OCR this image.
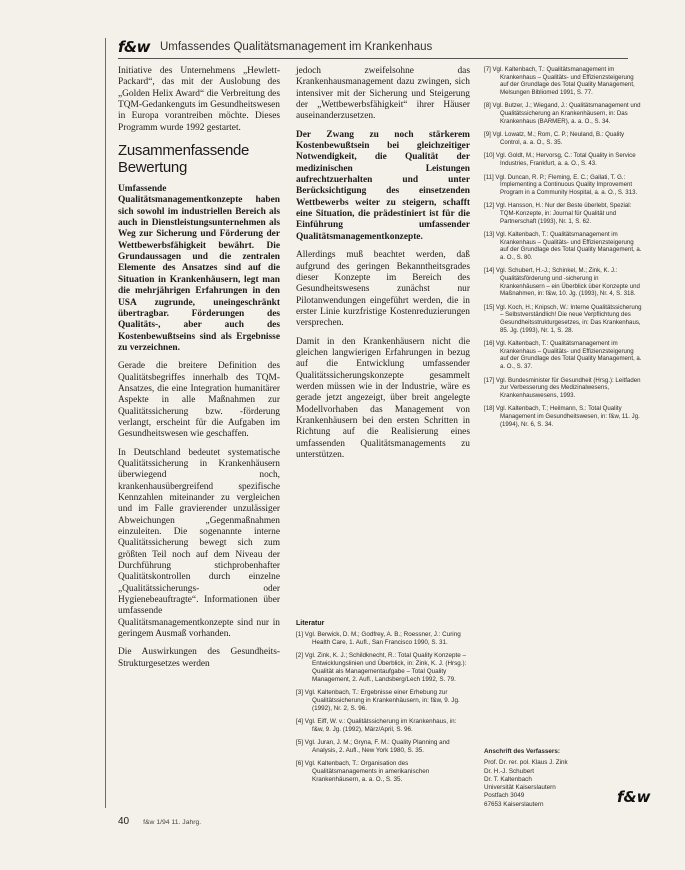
f&w Umfassendes Qualitätsmanagement im Krankenhaus

Initiative des Unternehmens „Hewlett-Packard“, das mit der Auslobung des „Golden Helix Award“ die Verbreitung des TQM-Gedankenguts im Gesundheitswesen in Europa vorantreiben möchte. Dieses Programm wurde 1992 gestartet.

Zusammenfassende Bewertung

Umfassende Qualitätsmanagementkonzepte haben sich sowohl im industriellen Bereich als auch in Dienstleistungsunternehmen als Weg zur Sicherung und Förderung der Wettbewerbsfähigkeit bewährt. Die Grundaussagen und die zentralen Elemente des Ansatzes sind auf die Situation in Krankenhäusern, legt man die mehrjährigen Erfahrungen in den USA zugrunde, uneingeschränkt übertragbar. Förderungen des Qualitäts-, aber auch des Kostenbewußtseins sind als Ergebnisse zu verzeichnen.

Gerade die breitere Definition des Qualitätsbegriffes innerhalb des TQM-Ansatzes, die eine Integration humanitärer Aspekte in alle Maßnahmen zur Qualitätssicherung bzw. -förderung verlangt, erscheint für die Aufgaben im Gesundheitswesen wie geschaffen.

In Deutschland bedeutet systematische Qualitätssicherung in Krankenhäusern überwiegend noch, krankenhausübergreifend spezifische Kennzahlen miteinander zu vergleichen und im Falle gravierender unzulässiger Abweichungen „Gegenmaßnahmen einzuleiten. Die sogenannte interne Qualitätssicherung bewegt sich zum größten Teil noch auf dem Niveau der Durchführung stichprobenhafter Qualitätskontrollen durch einzelne „Qualitätssicherungs- oder Hygienebeauftragte“. Informationen über umfassende Qualitätsmanagementkonzepte sind nur in geringem Ausmaß vorhanden.

Die Auswirkungen des Gesundheits-Strukturgesetzes werden

jedoch zweifelsohne das Krankenhausmanagement dazu zwingen, sich intensiver mit der Sicherung und Steigerung der „Wettbewerbsfähigkeit“ ihrer Häuser auseinanderzusetzen.

Der Zwang zu noch stärkerem Kostenbewußtsein bei gleichzeitiger Notwendigkeit, die Qualität der medizinischen Leistungen aufrechtzuerhalten und unter Berücksichtigung des einsetzenden Wettbewerbs weiter zu steigern, schafft eine Situation, die prädestiniert ist für die Einführung umfassender Qualitätsmanagementkonzepte.

Allerdings muß beachtet werden, daß aufgrund des geringen Bekanntheitsgrades dieser Konzepte im Bereich des Gesundheitswesens zunächst nur Pilotanwendungen eingeführt werden, die in erster Linie kurzfristige Kostenreduzierungen versprechen.

Damit in den Krankenhäusern nicht die gleichen langwierigen Erfahrungen in bezug auf die Entwicklung umfassender Qualitätssicherungskonzepte gesammelt werden müssen wie in der Industrie, wäre es gerade jetzt angezeigt, über breit angelegte Modellvorhaben das Management von Krankenhäusern bei den ersten Schritten in Richtung auf die Realisierung eines umfassenden Qualitätsmanagements zu unterstützen.

Literatur
[1] Vgl. Berwick, D. M.; Godfrey, A. B.; Roessner, J.: Curing Health Care, 1. Aufl., San Francisco 1990, S. 31.
[2] Vgl. Zink, K. J.; Schildknecht, R.: Total Quality Konzepte – Entwicklungslinien und Überblick, in: Zink, K. J. (Hrsg.): Qualität als Managementaufgabe – Total Quality Management, 2. Aufl., Landsberg/Lech 1992, S. 79.
[3] Vgl. Kaltenbach, T.: Ergebnisse einer Erhebung zur Qualitätssicherung in Krankenhäusern, in: f&w, 9. Jg. (1992), Nr. 2, S. 96.
[4] Vgl. Eiff, W. v.: Qualitätssicherung im Krankenhaus, in: f&w, 9. Jg. (1992), März/April, S. 96.
[5] Vgl. Juran, J. M.; Gryna, F. M.: Quality Planning and Analysis, 2. Aufl., New York 1980, S. 35.
[6] Vgl. Kaltenbach, T.: Organisation des Qualitätsmanagements in amerikanischen Krankenhäusern, a. a. O., S. 35.
[7] Vgl. Kaltenbach, T.: Qualitätsmanagement im Krankenhaus – Qualitäts- und Effizienzsteigerung auf der Grundlage des Total Quality Management, Melsungen Bibliomed 1991, S. 77.
[8] Vgl. Butzer, J.; Wiegand, J.: Qualitätsmanagement und Qualitätssicherung an Krankenhäusern, in: Das Krankenhaus (BARMER), a. a. O., S. 34.
[9] Vgl. Lowatz, M.; Rom, C. P.; Neuland, B.: Quality Control, a. a. O., S. 35.
[10] Vgl. Goldt, M.; Hervorsg, C.: Total Quality in Service Industries, Frankfurt, a. a. O., S. 43.
[11] Vgl. Duncan, R. P.; Fleming, E. C.; Gallati, T. G.: Implementing a Continuous Quality Improvement Program in a Community Hospital, a. a. O., S. 313.
[12] Vgl. Hansson, H.: Nur der Beste überlebt, Spezial: TQM-Konzepte, in: Journal für Qualität und Partnerschaft (1993), Nr. 1, S. 62.
[13] Vgl. Kaltenbach, T.: Qualitätsmanagement im Krankenhaus – Qualitäts- und Effizienzsteigerung auf der Grundlage des Total Quality Management, a. a. O., S. 80.
[14] Vgl. Schubert, H.-J.; Schinkel, M.; Zink, K. J.: Qualitätsförderung und -sicherung in Krankenhäusern – ein Überblick über Konzepte und Maßnahmen, in: f&w, 10. Jg. (1993), Nr. 4, S. 318.
[15] Vgl. Koch, H.; Knipsch, W.: Interne Qualitätssicherung – Selbstverständlich! Die neue Verpflichtung des Gesundheitsstrukturgesetzes, in: Das Krankenhaus, 85. Jg. (1993), Nr. 1, S. 28.
[16] Vgl. Kaltenbach, T.: Qualitätsmanagement im Krankenhaus – Qualitäts- und Effizienzsteigerung auf der Grundlage des Total Quality Management, a. a. O., S. 37.
[17] Vgl. Bundesminister für Gesundheit (Hrsg.): Leitfaden zur Verbesserung des Medizinalwesens, Krankenhauswesens, 1993.
[18] Vgl. Kaltenbach, T.; Heilmann, S.: Total Quality Management im Gesundheitswesen, in: f&w, 11. Jg. (1994), Nr. 6, S. 34.
Anschrift des Verfassers:
Prof. Dr. rer. pol. Klaus J. Zink
Dr. H.-J. Schubert
Dr. T. Kaltenbach
Universität Kaiserslautern
Postfach 3049
67653 Kaiserslautern	f&w
40 f&w 1/94 11. Jahrg.
